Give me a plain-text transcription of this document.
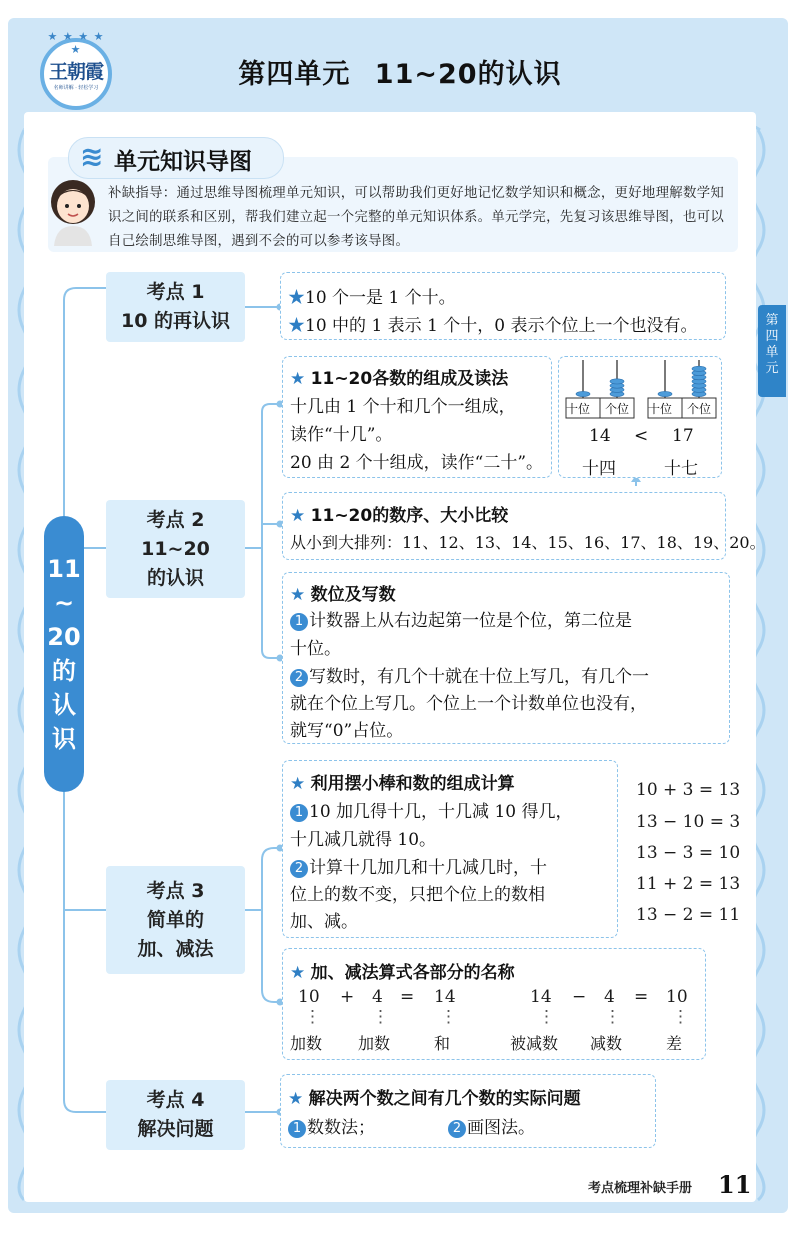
★ ★ ★ ★ ★
王朝霞
名师讲解 · 轻松学习	第四单元 11~20的认识
≋ 单元知识导图
补缺指导：通过思维导图梳理单元知识，可以帮助我们更好地记忆数学知识和概念，更好地理解数学知识之间的联系和区别，帮我们建立起一个完整的单元知识体系。单元学完，先复习该思维导图，也可以自己绘制思维导图，遇到不会的可以参考该导图。
第
四
单
元
11
~
20
的
认
识
考点 1
10 的再认识
考点 2
11~20
的认识
考点 3
简单的
加、减法
考点 4
解决问题
★10 个一是 1 个十。
★10 中的 1 表示 1 个十，0 表示个位上一个也没有。
★ 11~20各数的组成及读法
十几由 1 个十和几个一组成，
读作“十几”。
20 由 2 个十组成，读作“二十”。
十位 个位 十位 个位
14 < 17
十四	十七
★ 11~20的数序、大小比较
从小到大排列：11、12、13、14、15、16、17、18、19、20。
★ 数位及写数
1 计数器上从右边起第一位是个位，第二位是
十位。
2 写数时，有几个十就在十位上写几，有几个一
就在个位上写几。个位上一个计数单位也没有，
就写“0”占位。
★ 利用摆小棒和数的组成计算
1 10 加几得十几，十几减 10 得几，
十几减几就得 10。
2 计算十几加几和十几减几时，十
位上的数不变，只把个位上的数相
加、减。
10 + 3 = 13
13 − 10 = 3
13 − 3 = 10
11 + 2 = 13
13 − 2 = 11
★ 加、减法算式各部分的名称
10 + 4 = 14
⋮	⋮	⋮
加数 加数	和
14 − 4 = 10
⋮	⋮	⋮
被减数 减数	差
★ 解决两个数之间有几个数的实际问题
1 数数法；	2 画图法。
考点梳理补缺手册 11
